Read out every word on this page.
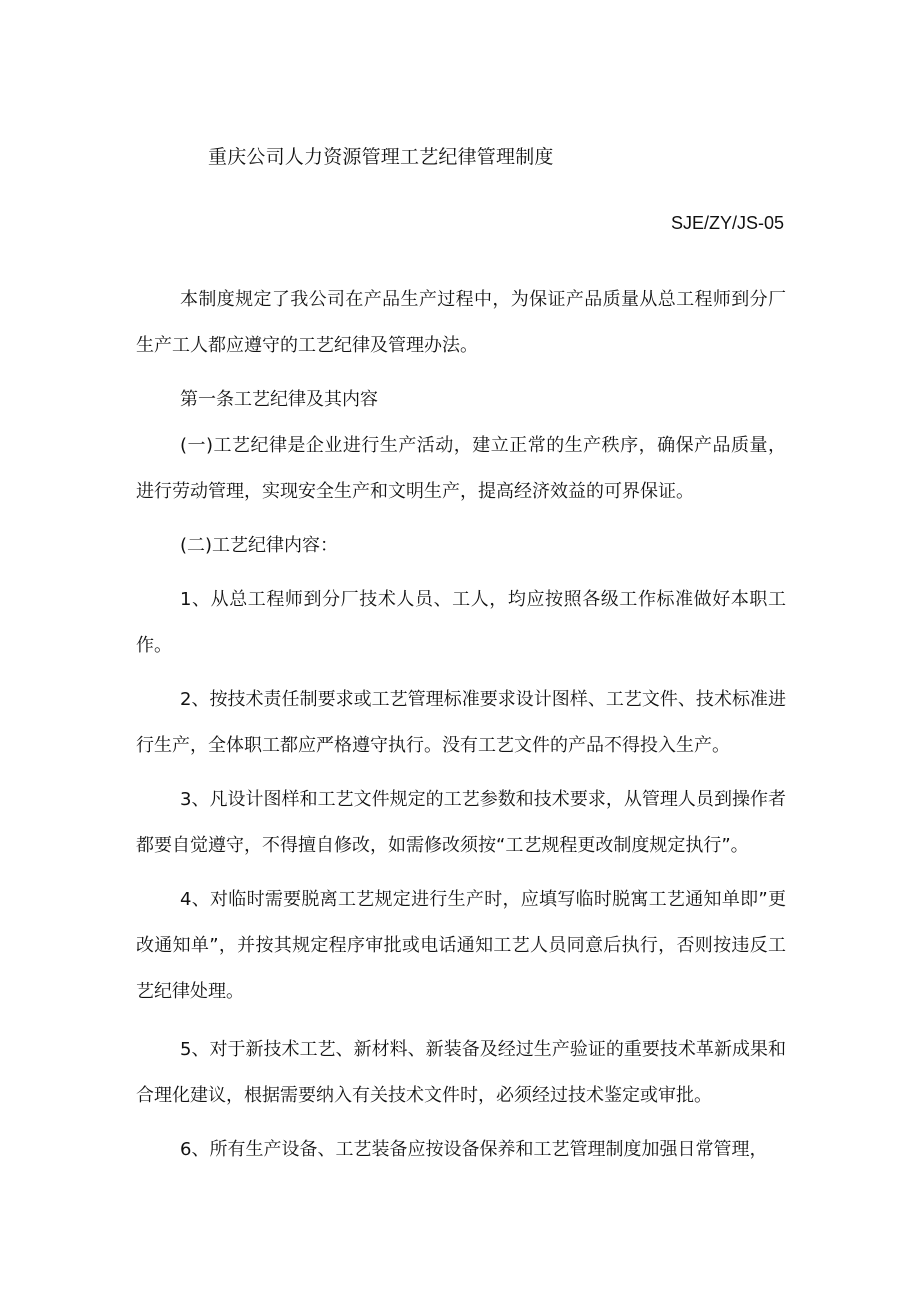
重庆公司人力资源管理工艺纪律管理制度
SJE/ZY/JS-05

本制度规定了我公司在产品生产过程中，为保证产品质量从总工程师到分厂生产工人都应遵守的工艺纪律及管理办法。

第一条工艺纪律及其内容

(一)工艺纪律是企业进行生产活动，建立正常的生产秩序，确保产品质量，进行劳动管理，实现安全生产和文明生产，提高经济效益的可界保证。

(二)工艺纪律内容：

1、从总工程师到分厂技术人员、工人，均应按照各级工作标准做好本职工作。

2、按技术责任制要求或工艺管理标准要求设计图样、工艺文件、技术标准进行生产，全体职工都应严格遵守执行。没有工艺文件的产品不得投入生产。

3、凡设计图样和工艺文件规定的工艺参数和技术要求，从管理人员到操作者都要自觉遵守，不得擅自修改，如需修改须按“工艺规程更改制度规定执行”。

4、对临时需要脱离工艺规定进行生产时，应填写临时脱寓工艺通知单即”更改通知单”，并按其规定程序审批或电话通知工艺人员同意后执行，否则按违反工艺纪律处理。

5、对于新技术工艺、新材料、新装备及经过生产验证的重要技术革新成果和合理化建议，根据需要纳入有关技术文件时，必须经过技术鉴定或审批。

6、所有生产设备、工艺装备应按设备保养和工艺管理制度加强日常管理，
